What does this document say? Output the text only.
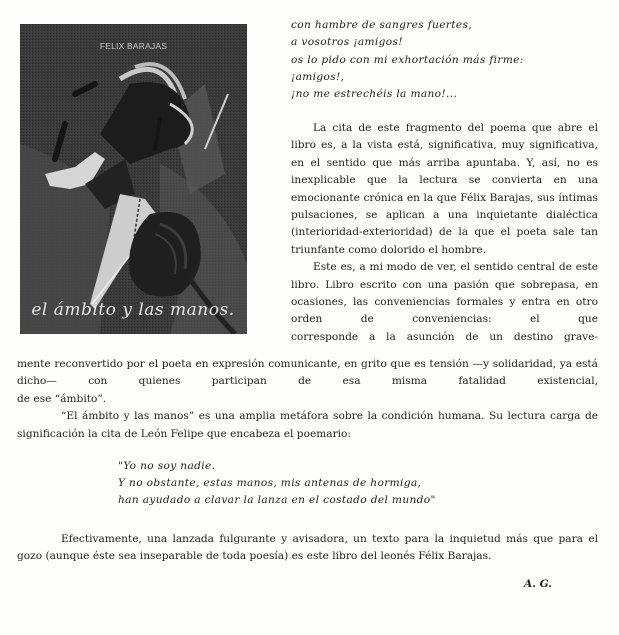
FELIX BARAJAS
el ámbito y las manos.
con hambre de sangres fuertes,
a vosotros ¡amigos!
os lo pido con mi exhortación más firme:
¡amigos!,
¡no me estrechéis la mano!...

La cita de este fragmento del poema que abre el libro es, a la vista está, significativa, muy significativa, en el sentido que más arriba apuntaba. Y, así, no es inexplicable que la lectura se convierta en una emocionante crónica en la que Félix Barajas, sus íntimas pulsaciones, se aplican a una inquietante dialéctica (interioridad-exterioridad) de la que el poeta sale tan triunfante como dolorido el hombre.

Este es, a mi modo de ver, el sentido central de este libro. Libro escrito con una pasión que sobrepasa, en ocasiones, las conveniencias formales y entra en otro orden de conveniencias: el que

corresponde a la asunción de un destino grave-

mente reconvertido por el poeta en expresión comunicante, en grito que es tensión —y solidaridad, ya está dicho— con quienes participan de esa misma fatalidad existencial,

de ese “ámbito”.

“El ámbito y las manos” es una amplia metáfora sobre la condición humana. Su lectura carga de significación la cita de León Felipe que encabeza el poemario:

"Yo no soy nadie.
Y no obstante, estas manos, mis antenas de hormiga,
han ayudado a clavar la lanza en el costado del mundo"

Efectivamente, una lanzada fulgurante y avisadora, un texto para la inquietud más que para el gozo (aunque éste sea inseparable de toda poesía) es este libro del leonés Félix Barajas.

A. G.
